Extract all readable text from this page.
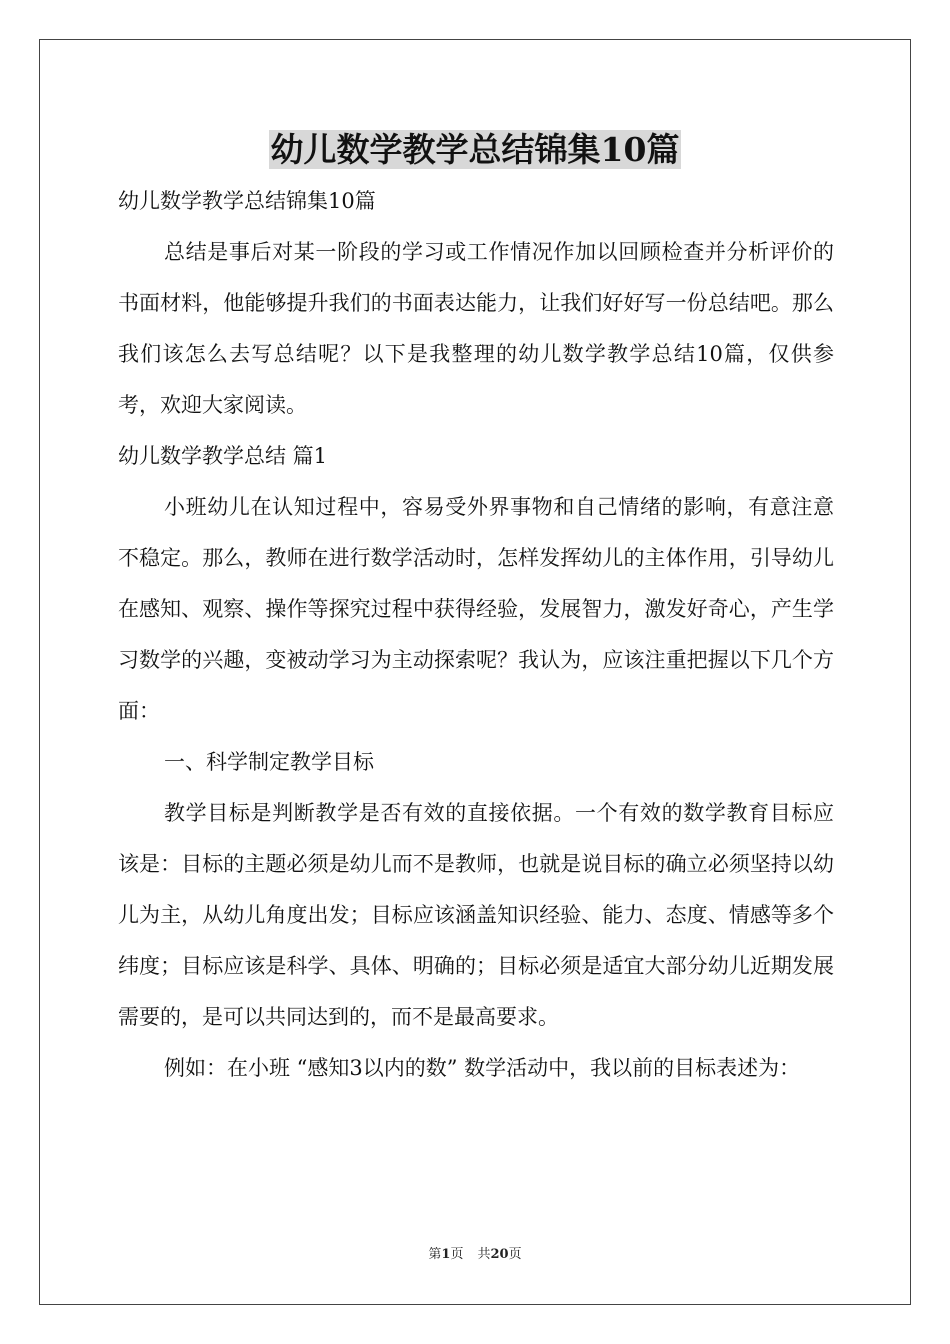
幼儿数学教学总结锦集10篇

幼儿数学教学总结锦集10篇

总结是事后对某一阶段的学习或工作情况作加以回顾检查并分析评价的书面材料，他能够提升我们的书面表达能力，让我们好好写一份总结吧。那么我们该怎么去写总结呢？以下是我整理的幼儿数学教学总结10篇，仅供参考，欢迎大家阅读。

幼儿数学教学总结 篇1

小班幼儿在认知过程中，容易受外界事物和自己情绪的影响，有意注意不稳定。那么，教师在进行数学活动时，怎样发挥幼儿的主体作用，引导幼儿在感知、观察、操作等探究过程中获得经验，发展智力，激发好奇心，产生学习数学的兴趣，变被动学习为主动探索呢？我认为，应该注重把握以下几个方面：

一、科学制定教学目标

教学目标是判断教学是否有效的直接依据。一个有效的数学教育目标应该是：目标的主题必须是幼儿而不是教师，也就是说目标的确立必须坚持以幼儿为主，从幼儿角度出发；目标应该涵盖知识经验、能力、态度、情感等多个纬度；目标应该是科学、具体、明确的；目标必须是适宜大部分幼儿近期发展需要的，是可以共同达到的，而不是最高要求。

例如：在小班 “感知3以内的数” 数学活动中，我以前的目标表述为：

第1页 共20页
